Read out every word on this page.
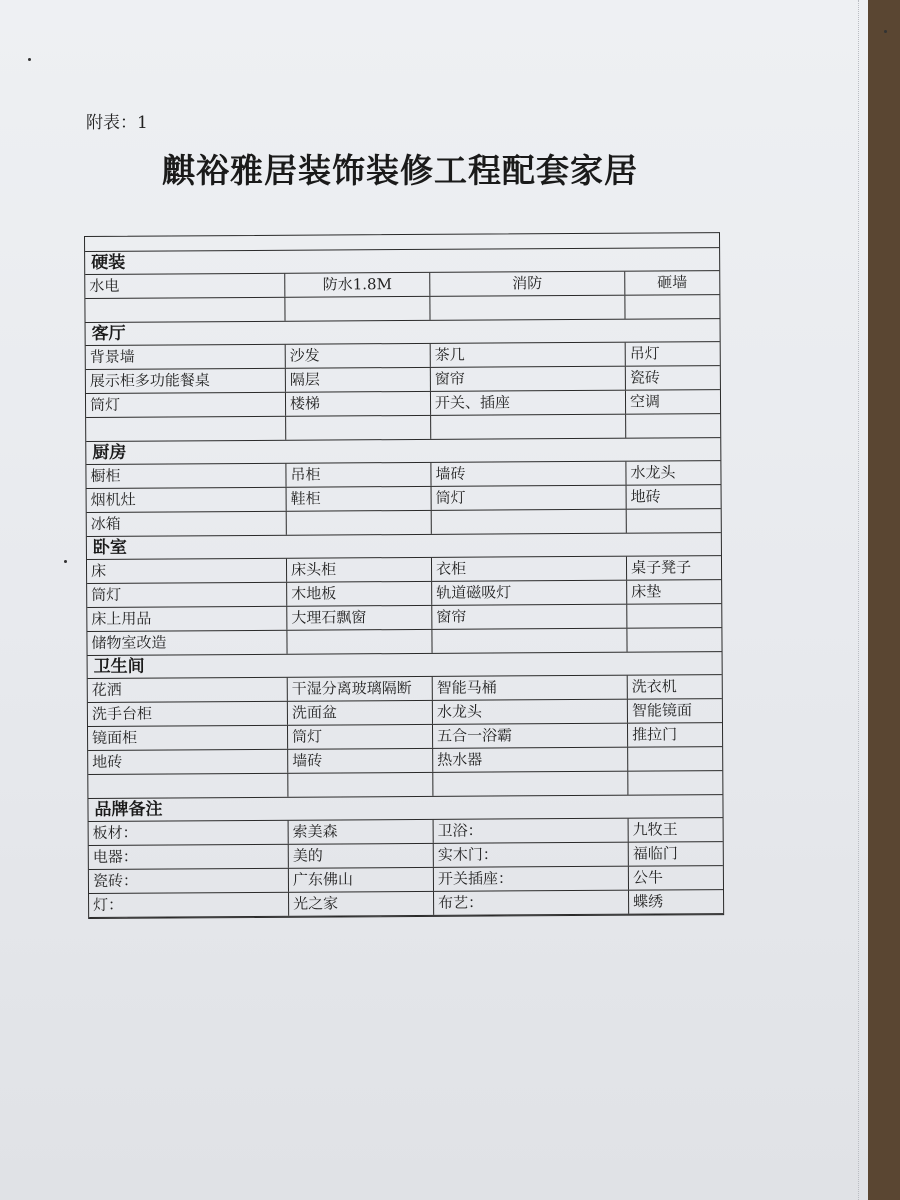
附表：1
麒裕雅居装饰装修工程配套家居
硬装
水电	防水1.8M	消防	砸墙
客厅
背景墙	沙发	茶几	吊灯
展示柜多功能餐桌	隔层	窗帘	瓷砖
筒灯	楼梯	开关、插座	空调
厨房
橱柜	吊柜	墙砖	水龙头
烟机灶	鞋柜	筒灯	地砖
冰箱
卧室
床	床头柜	衣柜	桌子凳子
筒灯	木地板	轨道磁吸灯	床垫
床上用品	大理石飘窗	窗帘
储物室改造
卫生间
花洒	干湿分离玻璃隔断	智能马桶	洗衣机
洗手台柜	洗面盆	水龙头	智能镜面
镜面柜	筒灯	五合一浴霸	推拉门
地砖	墙砖	热水器
品牌备注
板材：	索美森	卫浴：	九牧王
电器：	美的	实木门：	福临门
瓷砖：	广东佛山	开关插座：	公牛
灯：	光之家	布艺：	蝶绣
